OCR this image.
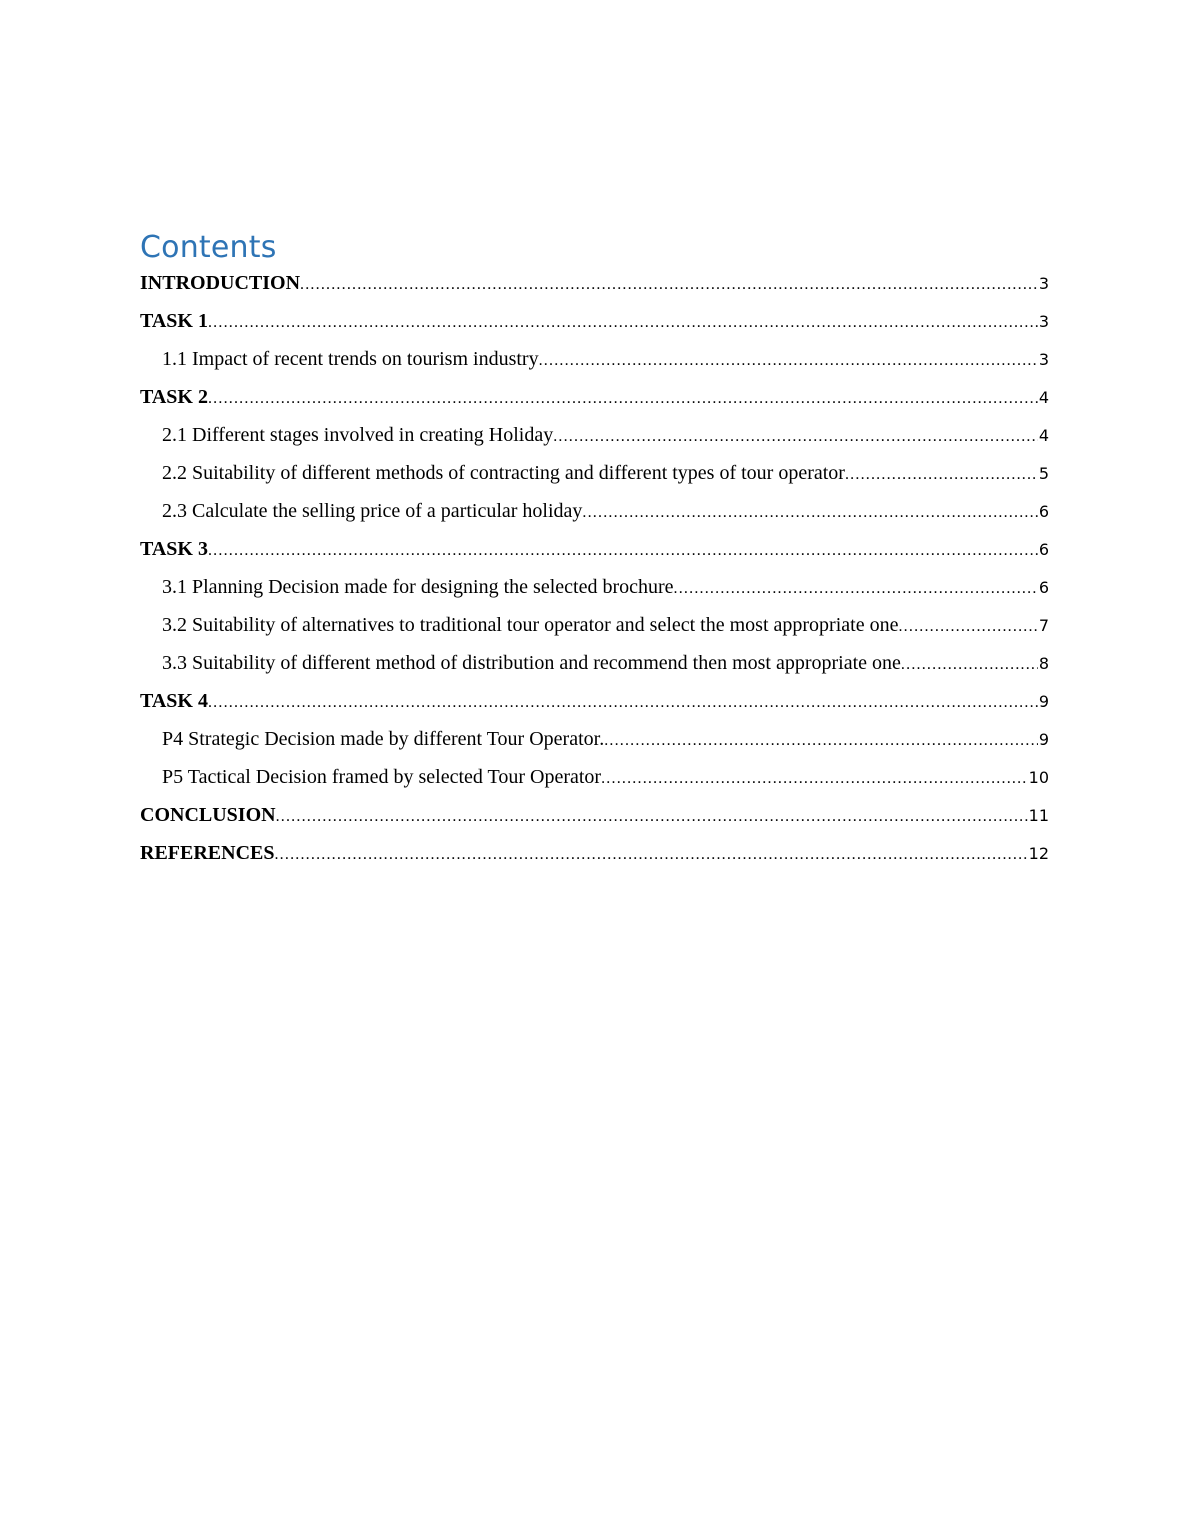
Contents
INTRODUCTION .....	3
TASK 1 .....	3
1.1 Impact of recent trends on tourism industry .....	3
TASK 2 .....	4
2.1 Different stages involved in creating Holiday .....	4
2.2 Suitability of different methods of contracting and different types of tour operator .....	5
2.3 Calculate the selling price of a particular holiday .....	6
TASK 3 .....	6
3.1 Planning Decision made for designing the selected brochure .....	6
3.2 Suitability of alternatives to traditional tour operator and select the most appropriate one .....	7
3.3 Suitability of different method of distribution and recommend then most appropriate one .....	8
TASK 4 .....	9
P4 Strategic Decision made by different Tour Operator. .....	9
P5 Tactical Decision framed by selected Tour Operator .....	10
CONCLUSION .....	11
REFERENCES .....	12
